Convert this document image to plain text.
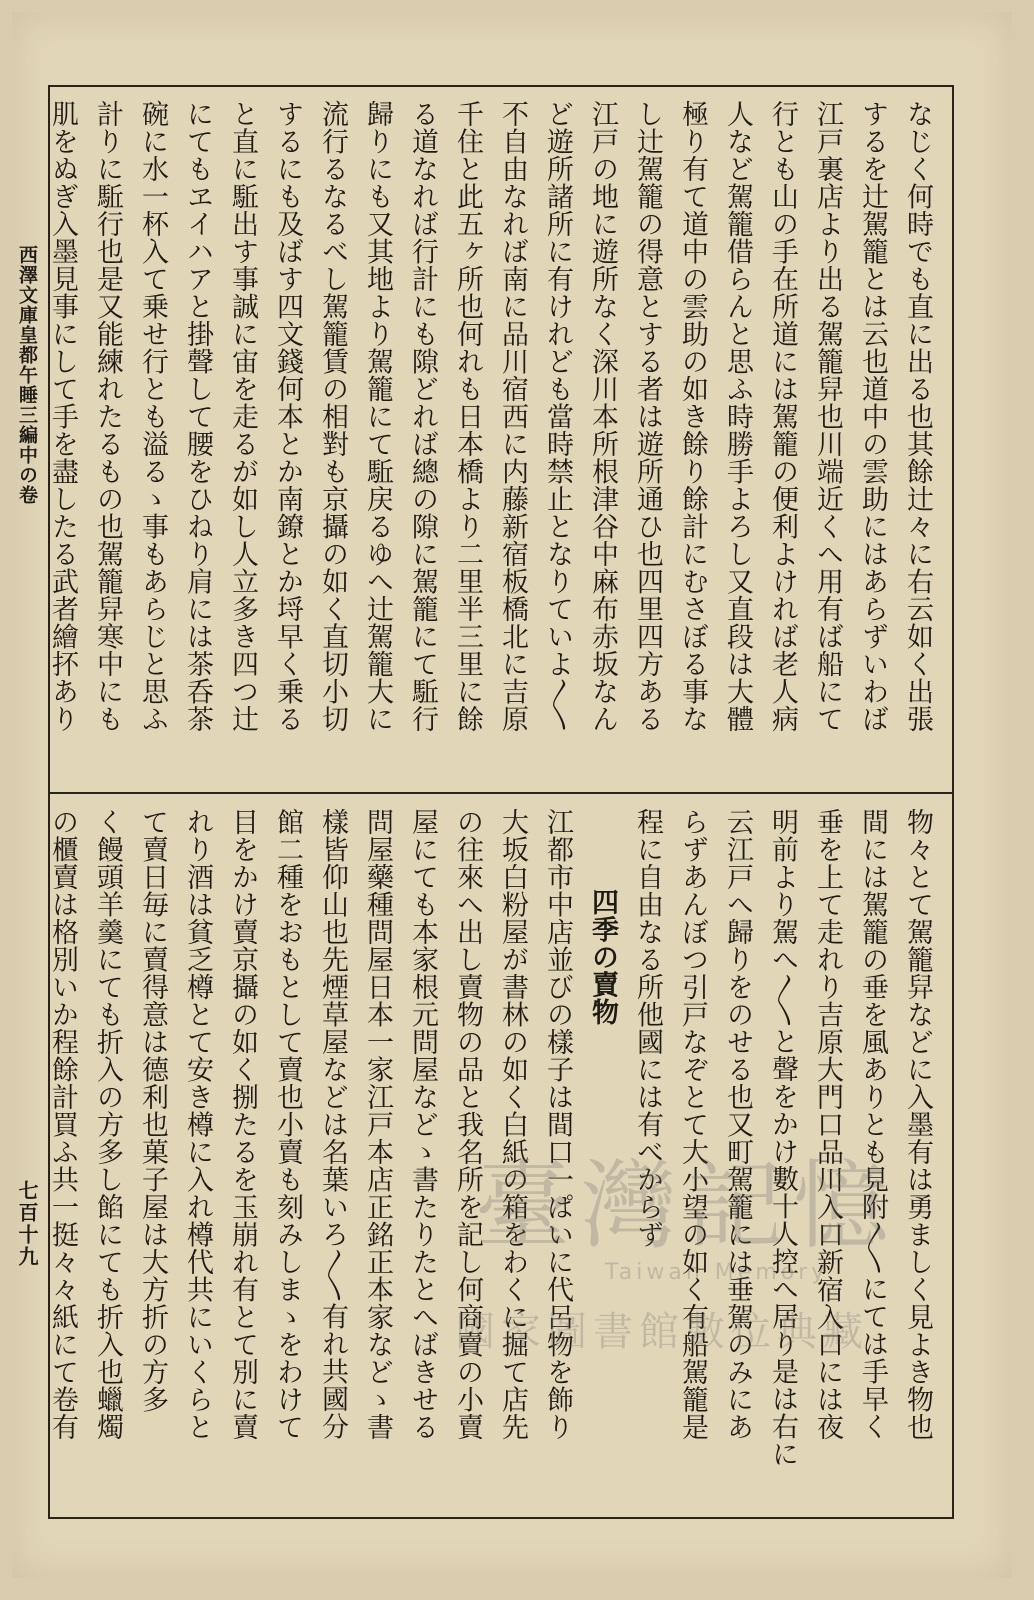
西澤文庫皇都午睡三編中の卷
七百十九
なじく何時でも直に出る也其餘辻々に右云如く出張
するを辻駕籠とは云也道中の雲助にはあらずいわば
江戸裏店より出る駕籠舁也川端近くへ用有ば船にて
行とも山の手在所道には駕籠の便利よければ老人病
人など駕籠借らんと思ふ時勝手よろし又直段は大體
極り有て道中の雲助の如き餘り餘計にむさぼる事な
し辻駕籠の得意とする者は遊所通ひ也四里四方ある
江戸の地に遊所なく深川本所根津谷中麻布赤坂なん
ど遊所諸所に有けれども當時禁止となりていよ〳〵
不自由なれば南に品川宿西に内藤新宿板橋北に吉原
千住と此五ヶ所也何れも日本橋より二里半三里に餘
る道なれば行計にも隙どれば總の隙に駕籠にて駈行
歸りにも又其地より駕籠にて駈戻るゆへ辻駕籠大に
流行るなるべし駕籠賃の相對も京攝の如く直切小切
するにも及ばす四文錢何本とか南鐐とか埒早く乗る
と直に駈出す事誠に宙を走るが如し人立多き四つ辻
にてもヱイハアと掛聲して腰をひねり肩には茶呑茶
碗に水一杯入て乗せ行とも溢るゝ事もあらじと思ふ
計りに駈行也是又能練れたるもの也駕籠舁寒中にも
肌をぬぎ入墨見事にして手を盡したる武者繪抔あり
物々とて駕籠舁などに入墨有は勇ましく見よき物也
間には駕籠の垂を風ありとも見附〳〵にては手早く
垂を上て走れり吉原大門口品川入口新宿入口には夜
明前より駕へ〳〵と聲をかけ數十人控へ居り是は右に
云江戸へ歸りをのせる也又町駕籠には垂駕のみにあ
らずあんぼつ引戸なぞとて大小望の如く有船駕籠是
程に自由なる所他國には有べからず
四季の賣物
江都市中店並びの樣子は間口一ぱいに代呂物を飾り
大坂白粉屋が書林の如く白紙の箱をわくに掘て店先
の往來へ出し賣物の品と我名所を記し何商賣の小賣
屋にても本家根元問屋などゝ書たりたとへばきせる
問屋藥種問屋日本一家江戸本店正銘正本家などゝ書
樣皆仰山也先煙草屋などは名葉いろ〳〵有れ共國分
館二種をおもとして賣也小賣も刻みしまゝをわけて
目をかけ賣京攝の如く捌たるを玉崩れ有とて別に賣
れり酒は貧乏樽とて安き樽に入れ樽代共にいくらと
て賣日毎に賣得意は德利也菓子屋は大方折の方多
く饅頭羊羹にても折入の方多し餡にても折入也蠟燭
の櫃賣は格別いか程餘計買ふ共一挺々々紙にて卷有	臺灣記憶
Taiwan Memory
國家圖書館數位典藏
